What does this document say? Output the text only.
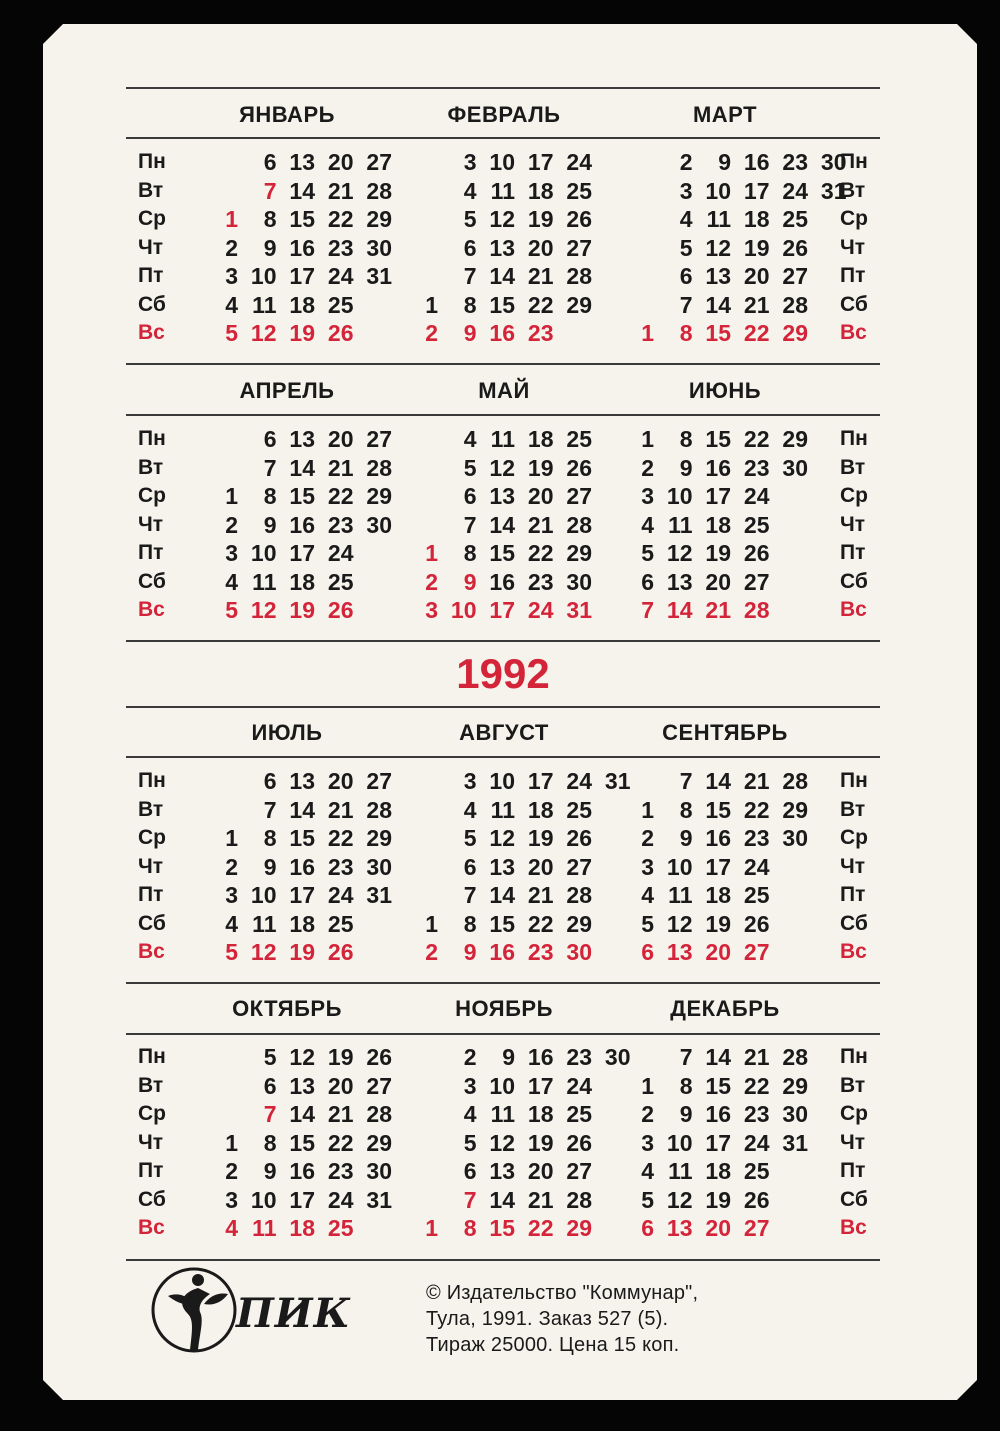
Пн
Вт
Ср
Чт
Пт
Сб
Вс
Пн
Вт
Ср
Чт
Пт
Сб
Вс
ЯНВАРЬ
1
2
3
4
5
6
7
8
9
10
11
12
13
14
15
16
17
18
19
20
21
22
23
24
25
26
27
28
29
30
31
ФЕВРАЛЬ
1
2
3
4
5
6
7
8
9
10
11
12
13
14
15
16
17
18
19
20
21
22
23
24
25
26
27
28
29
МАРТ
1
2
3
4
5
6
7
8
9
10
11
12
13
14
15
16
17
18
19
20
21
22
23
24
25
26
27
28
29
30
31
Пн
Вт
Ср
Чт
Пт
Сб
Вс
Пн
Вт
Ср
Чт
Пт
Сб
Вс
АПРЕЛЬ
1
2
3
4
5
6
7
8
9
10
11
12
13
14
15
16
17
18
19
20
21
22
23
24
25
26
27
28
29
30
МАЙ
1
2
3
4
5
6
7
8
9
10
11
12
13
14
15
16
17
18
19
20
21
22
23
24
25
26
27
28
29
30
31
ИЮНЬ
1
2
3
4
5
6
7
8
9
10
11
12
13
14
15
16
17
18
19
20
21
22
23
24
25
26
27
28
29
30
Пн
Вт
Ср
Чт
Пт
Сб
Вс
Пн
Вт
Ср
Чт
Пт
Сб
Вс
ИЮЛЬ
1
2
3
4
5
6
7
8
9
10
11
12
13
14
15
16
17
18
19
20
21
22
23
24
25
26
27
28
29
30
31
АВГУСТ
1
2
3
4
5
6
7
8
9
10
11
12
13
14
15
16
17
18
19
20
21
22
23
24
25
26
27
28
29
30
31
СЕНТЯБРЬ
1
2
3
4
5
6
7
8
9
10
11
12
13
14
15
16
17
18
19
20
21
22
23
24
25
26
27
28
29
30
Пн
Вт
Ср
Чт
Пт
Сб
Вс
Пн
Вт
Ср
Чт
Пт
Сб
Вс
ОКТЯБРЬ
1
2
3
4
5
6
7
8
9
10
11
12
13
14
15
16
17
18
19
20
21
22
23
24
25
26
27
28
29
30
31
НОЯБРЬ
1
2
3
4
5
6
7
8
9
10
11
12
13
14
15
16
17
18
19
20
21
22
23
24
25
26
27
28
29
30
ДЕКАБРЬ
1
2
3
4
5
6
7
8
9
10
11
12
13
14
15
16
17
18
19
20
21
22
23
24
25
26
27
28
29
30
31
1992
ПИК	© Издательство "Коммунар",
Тула, 1991. Заказ 527 (5).
Тираж 25000. Цена 15 коп.
